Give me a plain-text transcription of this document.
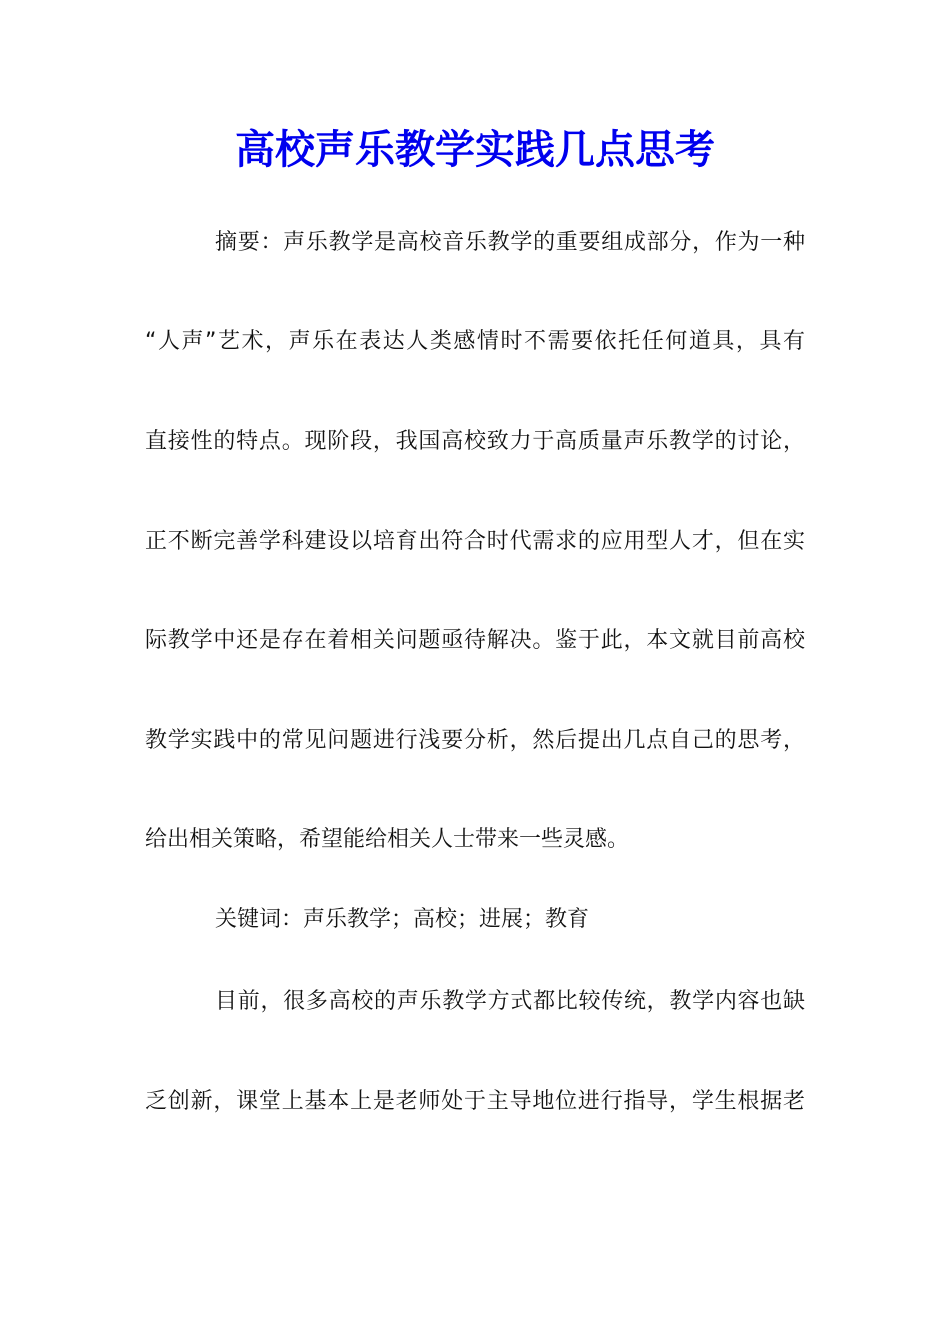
高校声乐教学实践几点思考
摘要：声乐教学是高校音乐教学的重要组成部分，作为一种
“人声”艺术，声乐在表达人类感情时不需要依托任何道具，具有
直接性的特点。现阶段，我国高校致力于高质量声乐教学的讨论，
正不断完善学科建设以培育出符合时代需求的应用型人才，但在实
际教学中还是存在着相关问题亟待解决。鉴于此，本文就目前高校
教学实践中的常见问题进行浅要分析，然后提出几点自己的思考，
给出相关策略，希望能给相关人士带来一些灵感。
关键词：声乐教学；高校；进展；教育
目前，很多高校的声乐教学方式都比较传统，教学内容也缺
乏创新，课堂上基本上是老师处于主导地位进行指导，学生根据老
